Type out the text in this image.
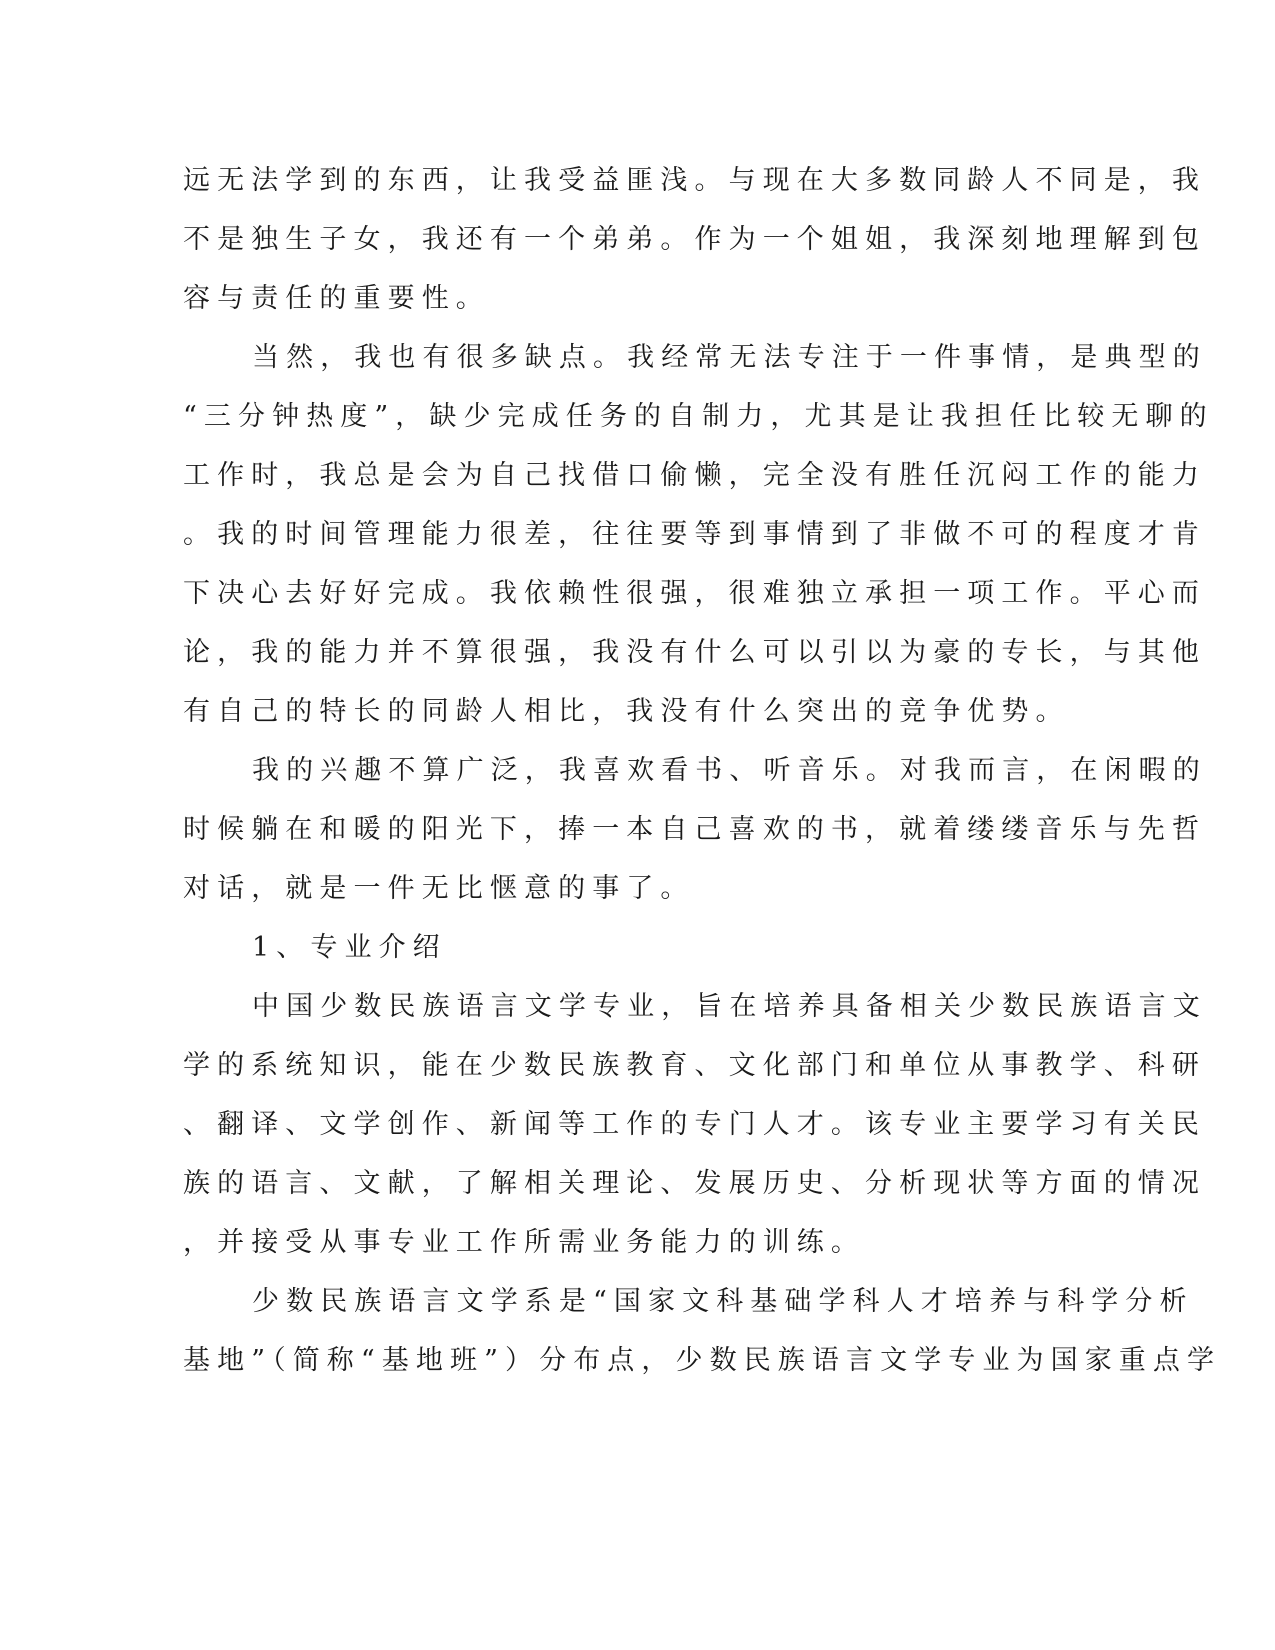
远无法学到的东西，让我受益匪浅。与现在大多数同龄人不同是，我
不是独生子女，我还有一个弟弟。作为一个姐姐，我深刻地理解到包
容与责任的重要性。
当然，我也有很多缺点。我经常无法专注于一件事情，是典型的
“三分钟热度”，缺少完成任务的自制力，尤其是让我担任比较无聊的
工作时，我总是会为自己找借口偷懒，完全没有胜任沉闷工作的能力
。我的时间管理能力很差，往往要等到事情到了非做不可的程度才肯
下决心去好好完成。我依赖性很强，很难独立承担一项工作。平心而
论，我的能力并不算很强，我没有什么可以引以为豪的专长，与其他
有自己的特长的同龄人相比，我没有什么突出的竞争优势。
我的兴趣不算广泛，我喜欢看书、听音乐。对我而言，在闲暇的
时候躺在和暖的阳光下，捧一本自己喜欢的书，就着缕缕音乐与先哲
对话，就是一件无比惬意的事了。
1、专业介绍
中国少数民族语言文学专业，旨在培养具备相关少数民族语言文
学的系统知识，能在少数民族教育、文化部门和单位从事教学、科研
、翻译、文学创作、新闻等工作的专门人才。该专业主要学习有关民
族的语言、文献，了解相关理论、发展历史、分析现状等方面的情况
，并接受从事专业工作所需业务能力的训练。
少数民族语言文学系是“国家文科基础学科人才培养与科学分析
基地”（简称“基地班”）分布点，少数民族语言文学专业为国家重点学
